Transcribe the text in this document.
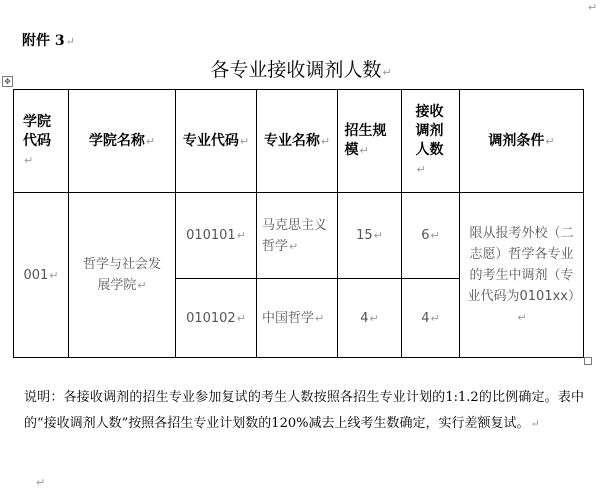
↵
附件 3↵
各专业接收调剂人数↵
✥
学院代码↵	学院名称↵	专业代码↵	专业名称↵	招生规模↵	接收调剂人数↵	调剂条件↵
001↵	哲学与社会发展学院↵	010101↵	马克思主义哲学↵	15↵	6↵	限从报考外校（二志愿）哲学各专业的考生中调剂（专业代码为0101xx）↵

		010102↵	中国哲学↵	4↵	4↵	
说明：各接收调剂的招生专业参加复试的考生人数按照各招生专业计划的1:1.2的比例确定。表中的“接收调剂人数”按照各招生专业计划数的120%减去上线考生数确定，实行差额复试。↵
↵
